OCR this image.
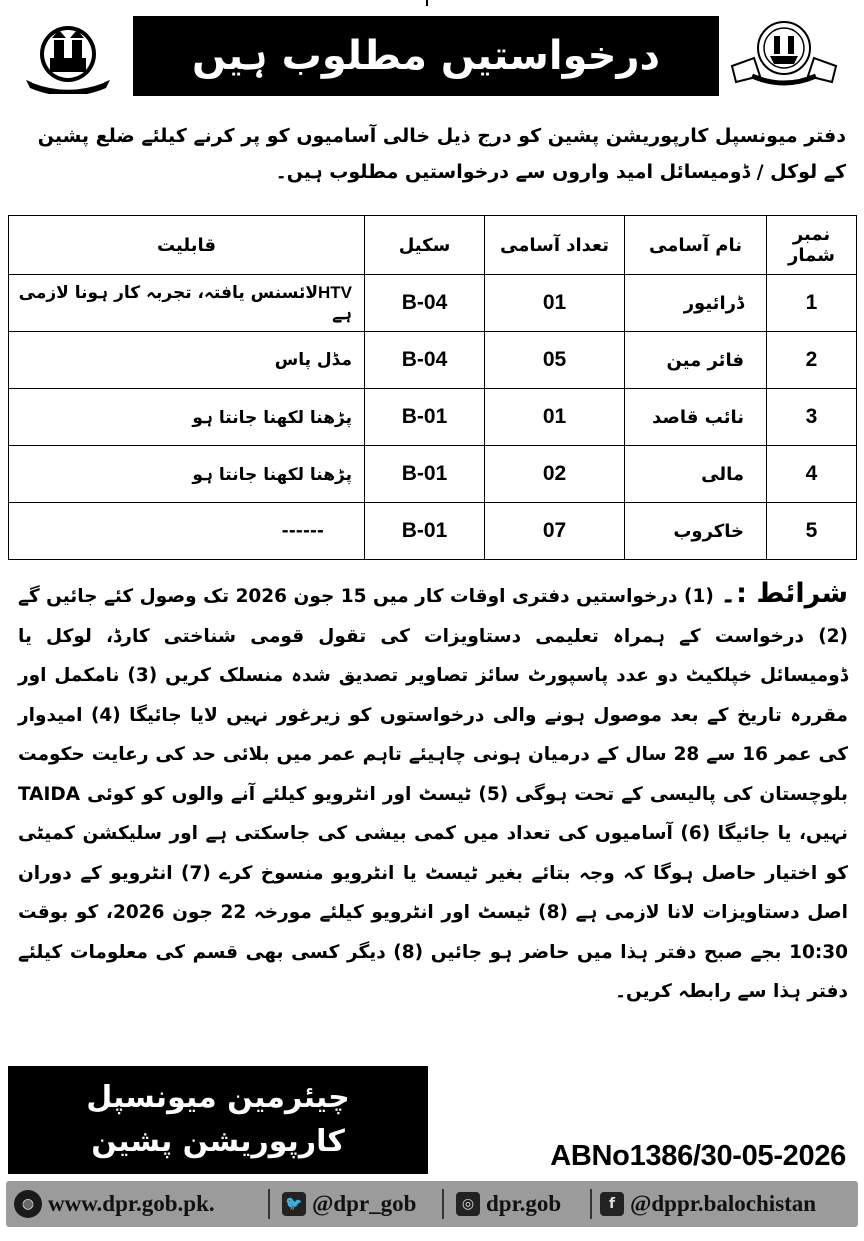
درخواستیں مطلوب ہیں
دفتر میونسپل کارپوریشن پشین کو درج ذیل خالی آسامیوں کو پر کرنے کیلئے ضلع پشین کے لوکل / ڈومیسائل امید واروں سے درخواستیں مطلوب ہیں۔
نمبر شمار	نام آسامی	تعداد آسامی	سکیل	قابلیت
1	ڈرائیور	01	B-04	HTVلائسنس یافتہ، تجربہ کار ہونا لازمی ہے
2	فائر مین	05	B-04	مڈل پاس
3	نائب قاصد	01	B-01	پڑھنا لکھنا جانتا ہو
4	مالی	02	B-01	پڑھنا لکھنا جانتا ہو
5	خاکروب	07	B-01	------
شرائط :۔ (1) درخواستیں دفتری اوقات کار میں 15 جون 2026 تک وصول کئے جائیں گے (2) درخواست کے ہمراہ تعلیمی دستاویزات کی تقول قومی شناختی کارڈ، لوکل یا ڈومیسائل خپلکیٹ دو عدد پاسپورٹ سائز تصاویر تصدیق شدہ منسلک کریں (3) نامکمل اور مقررہ تاریخ کے بعد موصول ہونے والی درخواستوں کو زیرغور نہیں لایا جائیگا (4) امیدوار کی عمر 16 سے 28 سال کے درمیان ہونی چاہیئے تاہم عمر میں بلائی حد کی رعایت حکومت بلوچستان کی پالیسی کے تحت ہوگی (5) ٹیسٹ اور انٹرویو کیلئے آنے والوں کو کوئی TAIDA نہیں، یا جائیگا (6) آسامیوں کی تعداد میں کمی بیشی کی جاسکتی ہے اور سلیکشن کمیٹی کو اختیار حاصل ہوگا کہ وجہ بتائے بغیر ٹیسٹ یا انٹرویو منسوخ کرے (7) انٹرویو کے دوران اصل دستاویزات لانا لازمی ہے (8) ٹیسٹ اور انٹرویو کیلئے مورخہ 22 جون 2026، کو بوقت 10:30 بجے صبح دفتر ہذا میں حاضر ہو جائیں (8) دیگر کسی بھی قسم کی معلومات کیلئے دفتر ہذا سے رابطہ کریں۔
چیئرمین میونسپل
کارپوریشن پشین	ABNo1386/30-05-2026
◍ www.dpr.gob.pk.	🐦 @dpr_gob	◎ dpr.gob	f @dppr.balochistan
